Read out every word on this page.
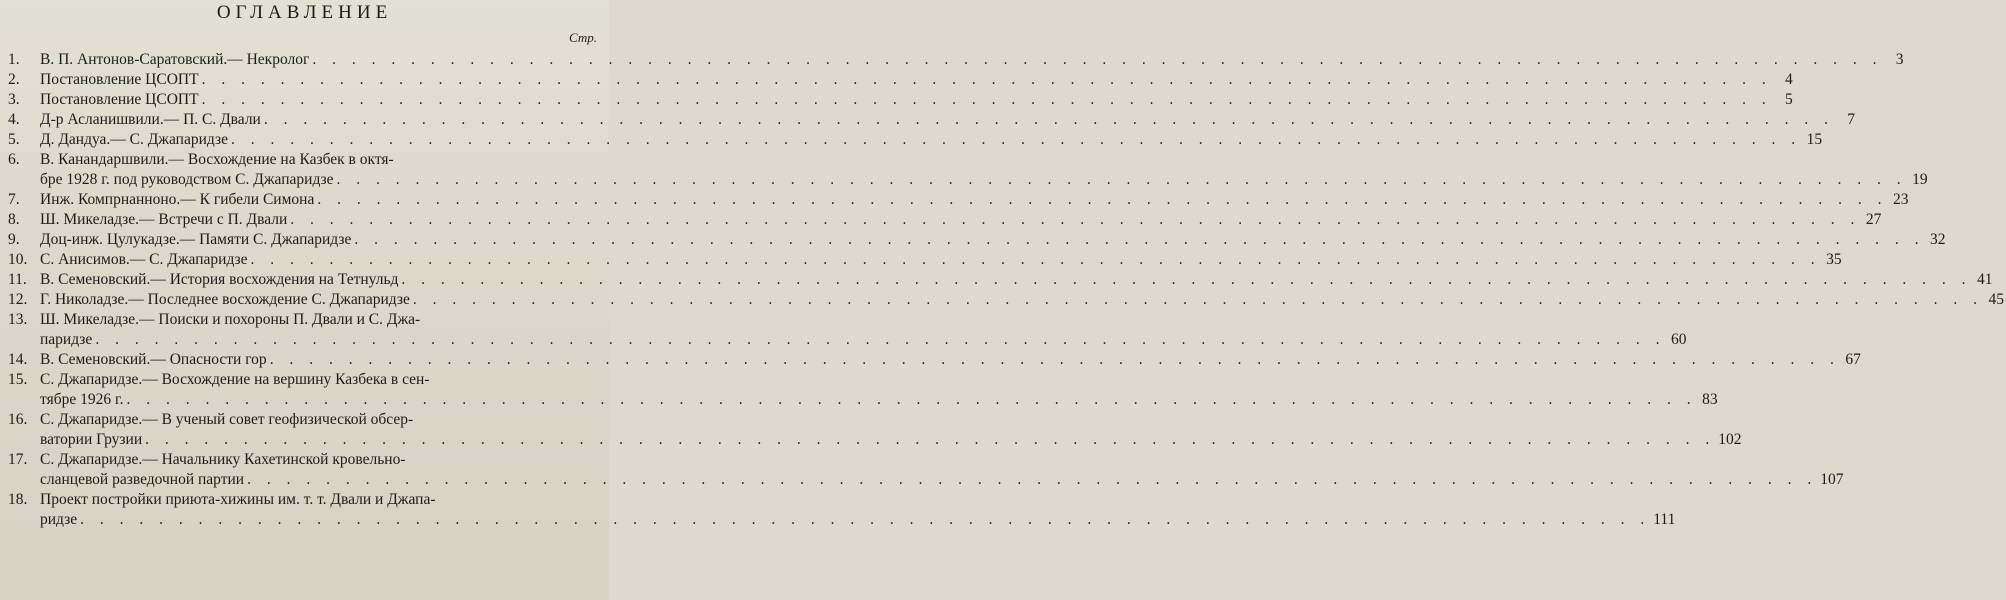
ОГЛАВЛЕНИЕ
Стр.
1.	В. П. Антонов-Саратовский.— Некролог . . . . . . . . . . . . . . . . . . . . . . . . . . . . . . . . . . . . . . . . . . . . . . . . . . . . . . . . . . . . . . . . . . . . . . . . . . . . . . . . 3
2.	Постановление ЦСОПТ . . . . . . . . . . . . . . . . . . . . . . . . . . . . . . . . . . . . . . . . . . . . . . . . . . . . . . . . . . . . . . . . . . . . . . . . . . . . . . . . 4
3.	Постановление ЦСОПТ . . . . . . . . . . . . . . . . . . . . . . . . . . . . . . . . . . . . . . . . . . . . . . . . . . . . . . . . . . . . . . . . . . . . . . . . . . . . . . . . 5
4.	Д-р Асланишвили.— П. С. Двали . . . . . . . . . . . . . . . . . . . . . . . . . . . . . . . . . . . . . . . . . . . . . . . . . . . . . . . . . . . . . . . . . . . . . . . . . . . . . . . . 7
5.	Д. Дандуа.— С. Джапаридзе . . . . . . . . . . . . . . . . . . . . . . . . . . . . . . . . . . . . . . . . . . . . . . . . . . . . . . . . . . . . . . . . . . . . . . . . . . . . . . . . 15
6.	В. Канандаршвили.— Восхождение на Казбек в октя-
бре 1928 г. под руководством С. Джапаридзе . . . . . . . . . . . . . . . . . . . . . . . . . . . . . . . . . . . . . . . . . . . . . . . . . . . . . . . . . . . . . . . . . . . . . . . . . . . . . . . . 19
7.	Инж. Компрнанноно.— К гибели Симона . . . . . . . . . . . . . . . . . . . . . . . . . . . . . . . . . . . . . . . . . . . . . . . . . . . . . . . . . . . . . . . . . . . . . . . . . . . . . . . . 23
8.	Ш. Микеладзе.— Встречи с П. Двали . . . . . . . . . . . . . . . . . . . . . . . . . . . . . . . . . . . . . . . . . . . . . . . . . . . . . . . . . . . . . . . . . . . . . . . . . . . . . . . . 27
9.	Доц-инж. Цулукадзе.— Памяти С. Джапаридзе . . . . . . . . . . . . . . . . . . . . . . . . . . . . . . . . . . . . . . . . . . . . . . . . . . . . . . . . . . . . . . . . . . . . . . . . . . . . . . . . 32
10. С. Анисимов.— С. Джапаридзе . . . . . . . . . . . . . . . . . . . . . . . . . . . . . . . . . . . . . . . . . . . . . . . . . . . . . . . . . . . . . . . . . . . . . . . . . . . . . . . . 35
11. В. Семеновский.— История восхождения на Тетнульд . . . . . . . . . . . . . . . . . . . . . . . . . . . . . . . . . . . . . . . . . . . . . . . . . . . . . . . . . . . . . . . . . . . . . . . . . . . . . . . . 41
12. Г. Николадзе.— Последнее восхождение С. Джапаридзе . . . . . . . . . . . . . . . . . . . . . . . . . . . . . . . . . . . . . . . . . . . . . . . . . . . . . . . . . . . . . . . . . . . . . . . . . . . . . . . . 45
13. Ш. Микеладзе.— Поиски и похороны П. Двали и С. Джа-
паридзе . . . . . . . . . . . . . . . . . . . . . . . . . . . . . . . . . . . . . . . . . . . . . . . . . . . . . . . . . . . . . . . . . . . . . . . . . . . . . . . . 60
14. В. Семеновский.— Опасности гор . . . . . . . . . . . . . . . . . . . . . . . . . . . . . . . . . . . . . . . . . . . . . . . . . . . . . . . . . . . . . . . . . . . . . . . . . . . . . . . . 67
15. С. Джапаридзе.— Восхождение на вершину Казбека в сен-
тябре 1926 г. . . . . . . . . . . . . . . . . . . . . . . . . . . . . . . . . . . . . . . . . . . . . . . . . . . . . . . . . . . . . . . . . . . . . . . . . . . . . . . . . 83
16. С. Джапаридзе.— В ученый совет геофизической обсер-
ватории Грузии . . . . . . . . . . . . . . . . . . . . . . . . . . . . . . . . . . . . . . . . . . . . . . . . . . . . . . . . . . . . . . . . . . . . . . . . . . . . . . . . 102
17. С. Джапаридзе.— Начальнику Кахетинской кровельно-
сланцевой разведочной партии . . . . . . . . . . . . . . . . . . . . . . . . . . . . . . . . . . . . . . . . . . . . . . . . . . . . . . . . . . . . . . . . . . . . . . . . . . . . . . . . 107
18. Проект постройки приюта-хижины им. т. т. Двали и Джапа-
ридзе . . . . . . . . . . . . . . . . . . . . . . . . . . . . . . . . . . . . . . . . . . . . . . . . . . . . . . . . . . . . . . . . . . . . . . . . . . . . . . . . 111
